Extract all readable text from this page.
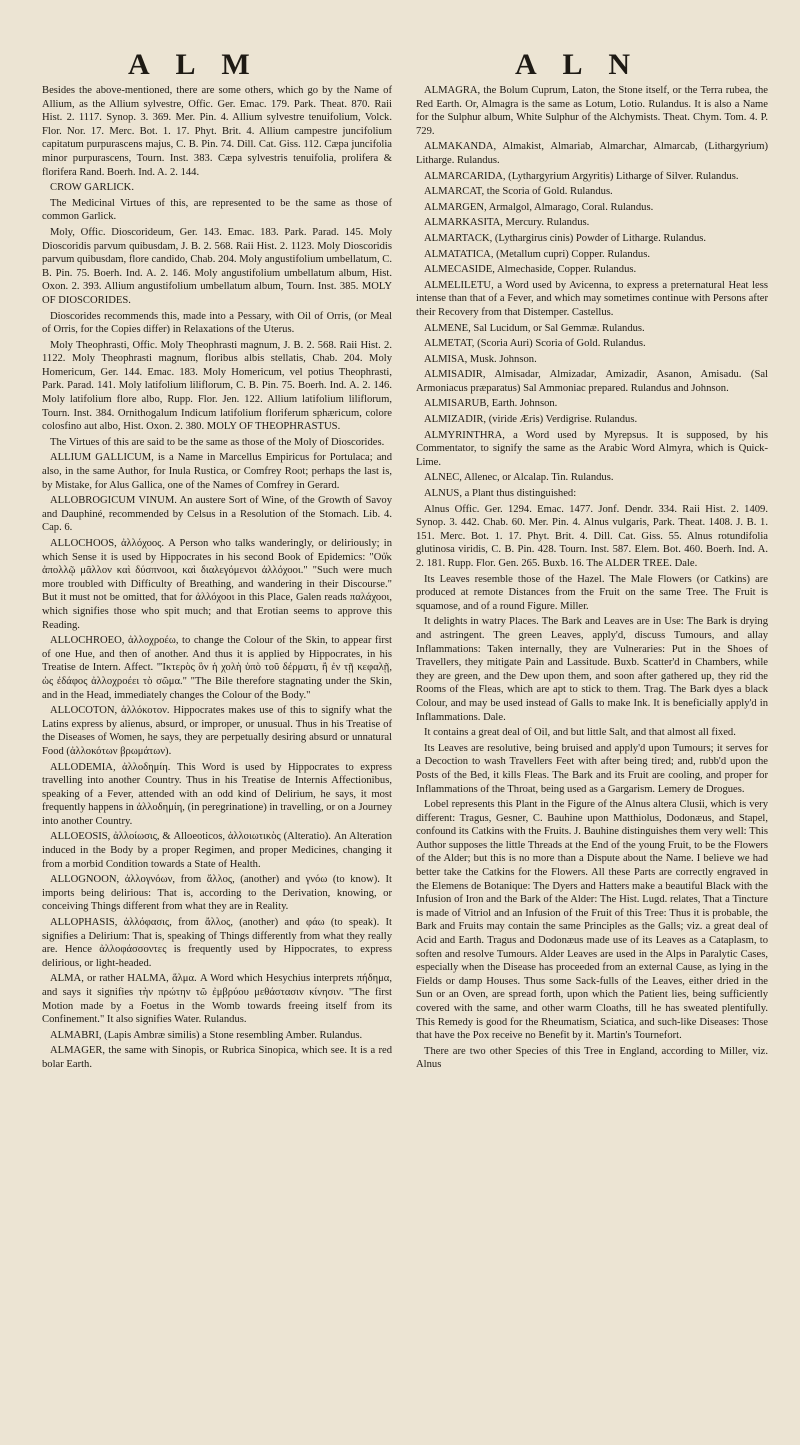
A L M	A L N

Besides the above-mentioned, there are some others, which go by the Name of Allium, as the Allium sylvestre, Offic. Ger. Emac. 179. Park. Theat. 870. Raii Hist. 2. 1117. Synop. 3. 369. Mer. Pin. 4. Allium sylvestre tenuifolium, Volck. Flor. Nor. 17. Merc. Bot. 1. 17. Phyt. Brit. 4. Allium campestre juncifolium capitatum purpurascens majus, C. B. Pin. 74. Dill. Cat. Giss. 112. Cæpa juncifolia minor purpurascens, Tourn. Inst. 383. Cæpa sylvestris tenuifolia, prolifera & florifera Rand. Boerh. Ind. A. 2. 144.

CROW GARLICK.

The Medicinal Virtues of this, are represented to be the same as those of common Garlick.

Moly, Offic. Dioscorideum, Ger. 143. Emac. 183. Park. Parad. 145. Moly Dioscoridis parvum quibusdam, J. B. 2. 568. Raii Hist. 2. 1123. Moly Dioscoridis parvum quibusdam, flore candido, Chab. 204. Moly angustifolium umbellatum, C. B. Pin. 75. Boerh. Ind. A. 2. 146. Moly angustifolium umbellatum album, Hist. Oxon. 2. 393. Allium angustifolium umbellatum album, Tourn. Inst. 385. MOLY OF DIOSCORIDES.

Dioscorides recommends this, made into a Pessary, with Oil of Orris, (or Meal of Orris, for the Copies differ) in Relaxations of the Uterus.

Moly Theophrasti, Offic. Moly Theophrasti magnum, J. B. 2. 568. Raii Hist. 2. 1122. Moly Theophrasti magnum, floribus albis stellatis, Chab. 204. Moly Homericum, Ger. 144. Emac. 183. Moly Homericum, vel potius Theophrasti, Park. Parad. 141. Moly latifolium liliflorum, C. B. Pin. 75. Boerh. Ind. A. 2. 146. Moly latifolium flore albo, Rupp. Flor. Jen. 122. Allium latifolium liliflorum, Tourn. Inst. 384. Ornithogalum Indicum latifolium floriferum sphæricum, colore colosfino aut albo, Hist. Oxon. 2. 380. MOLY OF THEOPHRASTUS.

The Virtues of this are said to be the same as those of the Moly of Dioscorides.

ALLIUM GALLICUM, is a Name in Marcellus Empiricus for Portulaca; and also, in the same Author, for Inula Rustica, or Comfrey Root; perhaps the last is, by Mistake, for Alus Gallica, one of the Names of Comfrey in Gerard.

ALLOBROGICUM VINUM. An austere Sort of Wine, of the Growth of Savoy and Dauphiné, recommended by Celsus in a Resolution of the Stomach. Lib. 4. Cap. 6.

ALLOCHOOS, ἀλλόχοος. A Person who talks wanderingly, or deliriously; in which Sense it is used by Hippocrates in his second Book of Epidemics: "Οὐ̓κ ἀπολλῷ μᾶλλον καὶ δύσπνοοι, καὶ διαλεγόμενοι ἀλλόχοοι." "Such were much more troubled with Difficulty of Breathing, and wandering in their Discourse." But it must not be omitted, that for ἀλλόχοοι in this Place, Galen reads παλάχοοι, which signifies those who spit much; and that Erotian seems to approve this Reading.

ALLOCHROEO, ἀλλοχροέω, to change the Colour of the Skin, to appear first of one Hue, and then of another. And thus it is applied by Hippocrates, in his Treatise de Intern. Affect. "Ἰκτερὸς ὃν ἡ χολὴ ὑπὸ τοῦ δέρματι, ἢ ἐν τῇ κεφαλῇ, ὡς ἐδάφος ἀλλοχροέει τὸ σῶμα." "The Bile therefore stagnating under the Skin, and in the Head, immediately changes the Colour of the Body."

ALLOCOTON, ἀλλόκοτον. Hippocrates makes use of this to signify what the Latins express by alienus, absurd, or improper, or unusual. Thus in his Treatise of the Diseases of Women, he says, they are perpetually desiring absurd or unnatural Food (ἀλλοκότων βρωμάτων).

ALLODEMIA, ἀλλοδημίη. This Word is used by Hippocrates to express travelling into another Country. Thus in his Treatise de Internis Affectionibus, speaking of a Fever, attended with an odd kind of Delirium, he says, it most frequently happens in ἀλλοδημίη, (in peregrinatione) in travelling, or on a Journey into another Country.

ALLOEOSIS, ἀλλοίωσις, & Alloeoticos, ἀλλοιωτικὸς (Alteratio). An Alteration induced in the Body by a proper Regimen, and proper Medicines, changing it from a morbid Condition towards a State of Health.

ALLOGNOON, ἀλλογνόων, from ἄλλος, (another) and γνόω (to know). It imports being delirious: That is, according to the Derivation, knowing, or conceiving Things different from what they are in Reality.

ALLOPHASIS, ἀλλόφασις, from ἄλλος, (another) and φάω (to speak). It signifies a Delirium: That is, speaking of Things differently from what they really are. Hence ἀλλοφάσσοντες is frequently used by Hippocrates, to express delirious, or light-headed.

ALMA, or rather HALMA, ἅλμα. A Word which Hesychius interprets πήδημα, and says it signifies τὴν πρώτην τῶ ἐμβρύου μεθάστασιν κίνησιν. "The first Motion made by a Foetus in the Womb towards freeing itself from its Confinement." It also signifies Water. Rulandus.

ALMABRI, (Lapis Ambræ similis) a Stone resembling Amber. Rulandus.

ALMAGER, the same with Sinopis, or Rubrica Sinopica, which see. It is a red bolar Earth.

ALMAGRA, the Bolum Cuprum, Laton, the Stone itself, or the Terra rubea, the Red Earth. Or, Almagra is the same as Lotum, Lotio. Rulandus. It is also a Name for the Sulphur album, White Sulphur of the Alchymists. Theat. Chym. Tom. 4. P. 729.

ALMAKANDA, Almakist, Almariab, Almarchar, Almarcab, (Lithargyrium) Litharge. Rulandus.

ALMARCARIDA, (Lythargyrium Argyritis) Litharge of Silver. Rulandus.

ALMARCAT, the Scoria of Gold. Rulandus.

ALMARGEN, Armalgol, Almarago, Coral. Rulandus.

ALMARKASITA, Mercury. Rulandus.

ALMARTACK, (Lythargirus cinis) Powder of Litharge. Rulandus.

ALMATATICA, (Metallum cupri) Copper. Rulandus.

ALMECASIDE, Almechaside, Copper. Rulandus.

ALMELILETU, a Word used by Avicenna, to express a preternatural Heat less intense than that of a Fever, and which may sometimes continue with Persons after their Recovery from that Distemper. Castellus.

ALMENE, Sal Lucidum, or Sal Gemmæ. Rulandus.

ALMETAT, (Scoria Auri) Scoria of Gold. Rulandus.

ALMISA, Musk. Johnson.

ALMISADIR, Almisadar, Almizadar, Amizadir, Asanon, Amisadu. (Sal Armoniacus præparatus) Sal Ammoniac prepared. Rulandus and Johnson.

ALMISARUB, Earth. Johnson.

ALMIZADIR, (viride Æris) Verdigrise. Rulandus.

ALMYRINTHRA, a Word used by Myrepsus. It is supposed, by his Commentator, to signify the same as the Arabic Word Almyra, which is Quick-Lime.

ALNEC, Allenec, or Alcalap. Tin. Rulandus.

ALNUS, a Plant thus distinguished:

Alnus Offic. Ger. 1294. Emac. 1477. Jonf. Dendr. 334. Raii Hist. 2. 1409. Synop. 3. 442. Chab. 60. Mer. Pin. 4. Alnus vulgaris, Park. Theat. 1408. J. B. 1. 151. Merc. Bot. 1. 17. Phyt. Brit. 4. Dill. Cat. Giss. 55. Alnus rotundifolia glutinosa viridis, C. B. Pin. 428. Tourn. Inst. 587. Elem. Bot. 460. Boerh. Ind. A. 2. 181. Rupp. Flor. Gen. 265. Buxb. 16. The ALDER TREE. Dale.

Its Leaves resemble those of the Hazel. The Male Flowers (or Catkins) are produced at remote Distances from the Fruit on the same Tree. The Fruit is squamose, and of a round Figure. Miller.

It delights in watry Places. The Bark and Leaves are in Use: The Bark is drying and astringent. The green Leaves, apply'd, discuss Tumours, and allay Inflammations: Taken internally, they are Vulneraries: Put in the Shoes of Travellers, they mitigate Pain and Lassitude. Buxb. Scatter'd in Chambers, while they are green, and the Dew upon them, and soon after gathered up, they rid the Rooms of the Fleas, which are apt to stick to them. Trag. The Bark dyes a black Colour, and may be used instead of Galls to make Ink. It is beneficially apply'd in Inflammations. Dale.

It contains a great deal of Oil, and but little Salt, and that almost all fixed.

Its Leaves are resolutive, being bruised and apply'd upon Tumours; it serves for a Decoction to wash Travellers Feet with after being tired; and, rubb'd upon the Posts of the Bed, it kills Fleas. The Bark and its Fruit are cooling, and proper for Inflammations of the Throat, being used as a Gargarism. Lemery de Drogues.

Lobel represents this Plant in the Figure of the Alnus altera Clusii, which is very different: Tragus, Gesner, C. Bauhine upon Matthiolus, Dodonæus, and Stapel, confound its Catkins with the Fruits. J. Bauhine distinguishes them very well: This Author supposes the little Threads at the End of the young Fruit, to be the Flowers of the Alder; but this is no more than a Dispute about the Name. I believe we had better take the Catkins for the Flowers. All these Parts are correctly engraved in the Elemens de Botanique: The Dyers and Hatters make a beautiful Black with the Infusion of Iron and the Bark of the Alder: The Hist. Lugd. relates, That a Tincture is made of Vitriol and an Infusion of the Fruit of this Tree: Thus it is probable, the Bark and Fruits may contain the same Principles as the Galls; viz. a great deal of Acid and Earth. Tragus and Dodonæus made use of its Leaves as a Cataplasm, to soften and resolve Tumours. Alder Leaves are used in the Alps in Paralytic Cases, especially when the Disease has proceeded from an external Cause, as lying in the Fields or damp Houses. Thus some Sack-fulls of the Leaves, either dried in the Sun or an Oven, are spread forth, upon which the Patient lies, being sufficiently covered with the same, and other warm Cloaths, till he has sweated plentifully. This Remedy is good for the Rheumatism, Sciatica, and such-like Diseases: Those that have the Pox receive no Benefit by it. Martin's Tournefort.

There are two other Species of this Tree in England, according to Miller, viz. Alnus
